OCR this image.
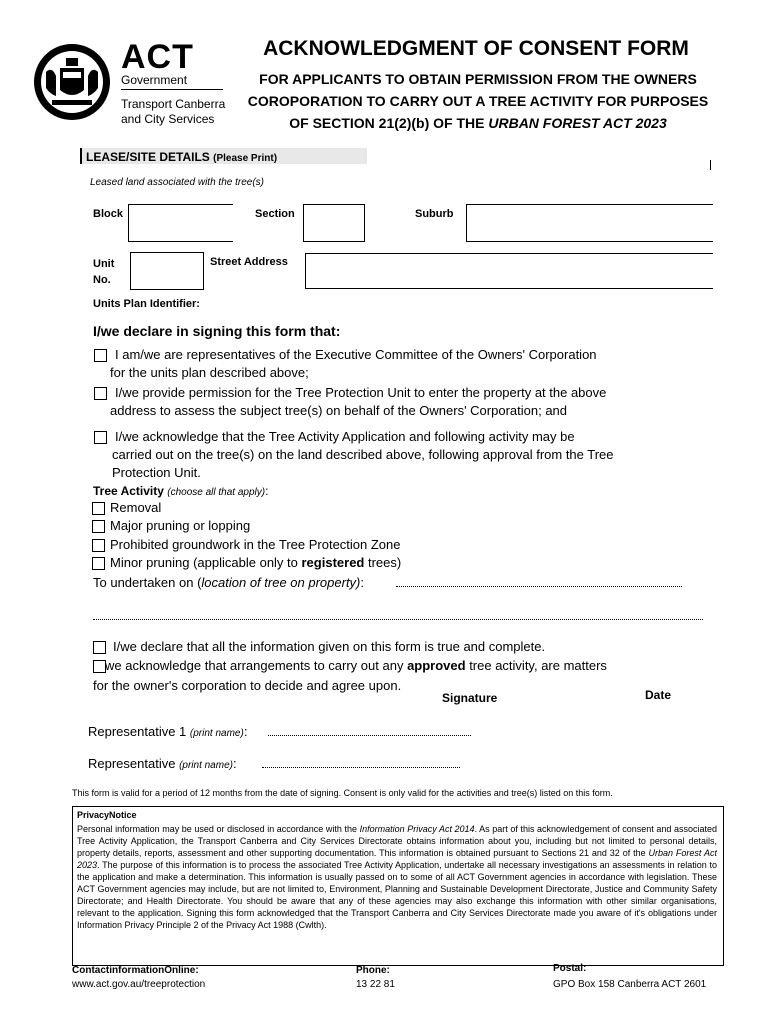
ACT
Government
Transport Canberra and City Services
ACKNOWLEDGMENT OF CONSENT FORM
FOR APPLICANTS TO OBTAIN PERMISSION FROM THE OWNERS
COROPORATION TO CARRY OUT A TREE ACTIVITY FOR PURPOSES
OF SECTION 21(2)(b) OF THE URBAN FOREST ACT 2023
LEASE/SITE DETAILS (Please Print)
Leased land associated with the tree(s)
Block	Section	Suburb
Unit
No.
Street Address
Units Plan Identifier:
I/we declare in signing this form that:
I am/we are representatives of the Executive Committee of the Owners' Corporation
for the units plan described above;
I/we provide permission for the Tree Protection Unit to enter the property at the above
address to assess the subject tree(s) on behalf of the Owners' Corporation; and
I/we acknowledge that the Tree Activity Application and following activity may be
carried out on the tree(s) on the land described above, following approval from the Tree
Protection Unit.
Tree Activity (choose all that apply):
Removal
Major pruning or lopping
Prohibited groundwork in the Tree Protection Zone
Minor pruning (applicable only to registered trees)
To undertaken on (location of tree on property):
I/we declare that all the information given on this form is true and complete.
we acknowledge that arrangements to carry out any approved tree activity, are matters
for the owner's corporation to decide and agree upon.
Signature	Date
Representative 1 (print name):
Representative (print name):
This form is valid for a period of 12 months from the date of signing. Consent is only valid for the activities and tree(s) listed on this form.
PrivacyNotice
Personal information may be used or disclosed in accordance with the Information Privacy Act 2014. As part of this acknowledgement of consent and associated Tree Activity Application, the Transport Canberra and City Services Directorate obtains information about you, including but not limited to personal details, property details, reports, assessment and other supporting documentation. This information is obtained pursuant to Sections 21 and 32 of the Urban Forest Act 2023. The purpose of this information is to process the associated Tree Activity Application, undertake all necessary investigations an assessments in relation to the application and make a determination. This information is usually passed on to some of all ACT Government agencies in accordance with legislation. These ACT Government agencies may include, but are not limited to, Environment, Planning and Sustainable Development Directorate, Justice and Community Safety Directorate; and Health Directorate. You should be aware that any of these agencies may also exchange this information with other similar organisations, relevant to the application. Signing this form acknowledged that the Transport Canberra and City Services Directorate made you aware of it's obligations under Information Privacy Principle 2 of the Privacy Act 1988 (Cwlth).
ContactinformationOnline:
www.act.gov.au/treeprotection
Phone:
13 22 81
Postal:
GPO Box 158 Canberra ACT 2601
